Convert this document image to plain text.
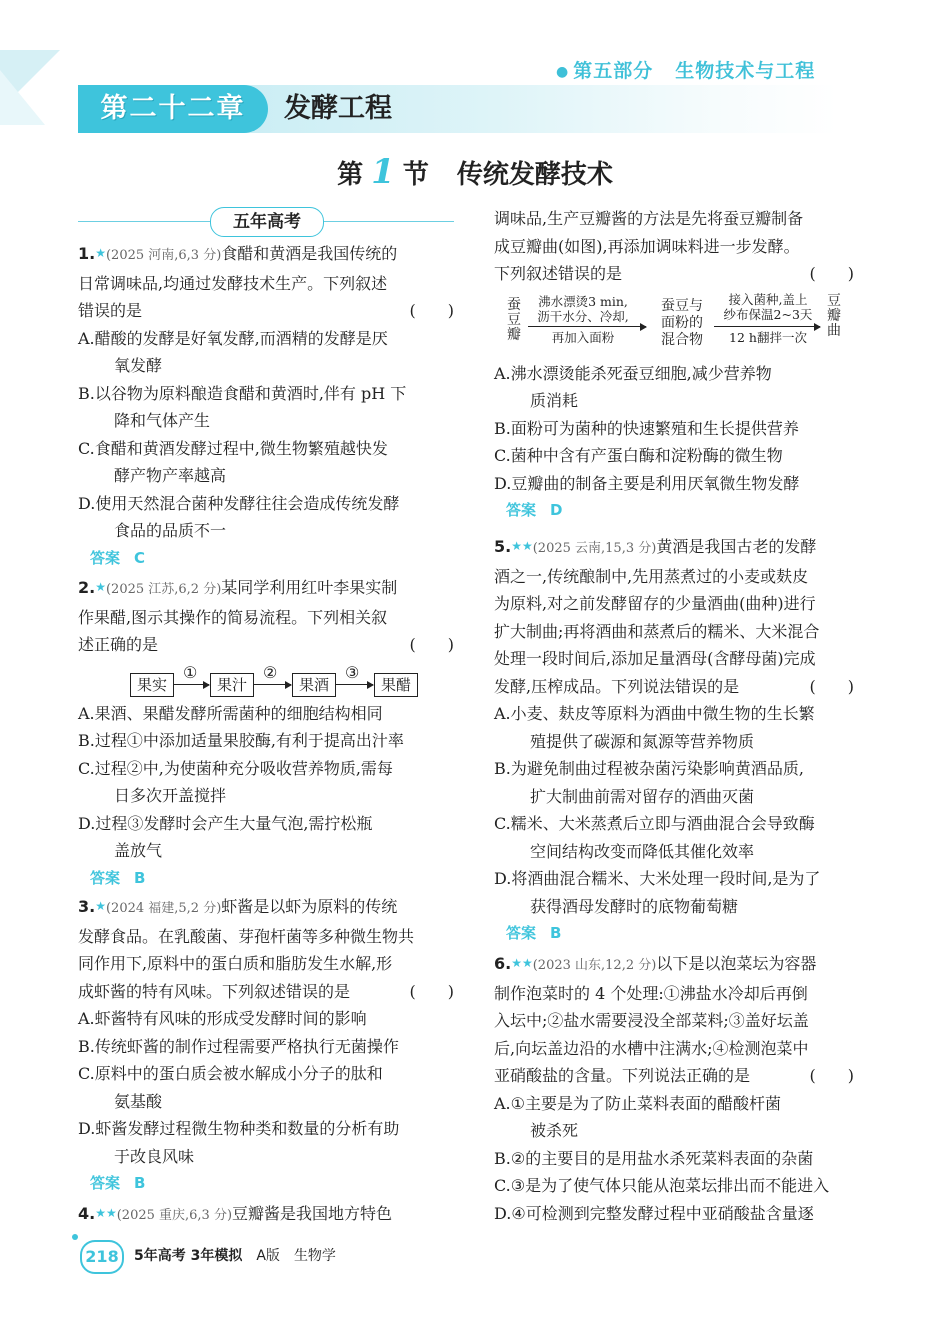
● 第五部分 生物技术与工程
第二十二章	发酵工程
第 1 节 传统发酵技术
五年高考
1.★(2025 河南,6,3 分)食醋和黄酒是我国传统的
日常调味品,均通过发酵技术生产。下列叙述
错误的是	(　　)
A.醋酸的发酵是好氧发酵,而酒精的发酵是厌
氧发酵
B.以谷物为原料酿造食醋和黄酒时,伴有 pH 下
降和气体产生
C.食醋和黄酒发酵过程中,微生物繁殖越快发
酵产物产率越高
D.使用天然混合菌种发酵往往会造成传统发酵
食品的品质不一
答案 C
2.★(2025 江苏,6,2 分)某同学利用红叶李果实制
作果醋,图示其操作的简易流程。下列相关叙
述正确的是	(　　)
果实
①
果汁
②
果酒
③
果醋
A.果酒、果醋发酵所需菌种的细胞结构相同
B.过程①中添加适量果胶酶,有利于提高出汁率
C.过程②中,为使菌种充分吸收营养物质,需每
日多次开盖搅拌
D.过程③发酵时会产生大量气泡,需拧松瓶
盖放气
答案 B
3.★(2024 福建,5,2 分)虾酱是以虾为原料的传统
发酵食品。在乳酸菌、芽孢杆菌等多种微生物共
同作用下,原料中的蛋白质和脂肪发生水解,形
成虾酱的特有风味。下列叙述错误的是	(　　)
A.虾酱特有风味的形成受发酵时间的影响
B.传统虾酱的制作过程需要严格执行无菌操作
C.原料中的蛋白质会被水解成小分子的肽和
氨基酸
D.虾酱发酵过程微生物种类和数量的分析有助
于改良风味
答案 B
4.★★(2025 重庆,6,3 分)豆瓣酱是我国地方特色
调味品,生产豆瓣酱的方法是先将蚕豆瓣制备
成豆瓣曲(如图),再添加调味料进一步发酵。
下列叙述错误的是	(　　)
蚕豆瓣
沸水漂烫3 min,
沥干水分、冷却,
再加入面粉
蚕豆与
面粉的
混合物
接入菌种,盖上
纱布保温2~3天
12 h翻拌一次
豆瓣曲
A.沸水漂烫能杀死蚕豆细胞,减少营养物
质消耗
B.面粉可为菌种的快速繁殖和生长提供营养
C.菌种中含有产蛋白酶和淀粉酶的微生物
D.豆瓣曲的制备主要是利用厌氧微生物发酵
答案 D
5.★★(2025 云南,15,3 分)黄酒是我国古老的发酵
酒之一,传统酿制中,先用蒸煮过的小麦或麸皮
为原料,对之前发酵留存的少量酒曲(曲种)进行
扩大制曲;再将酒曲和蒸煮后的糯米、大米混合
处理一段时间后,添加足量酒母(含酵母菌)完成
发酵,压榨成品。下列说法错误的是	(　　)
A.小麦、麸皮等原料为酒曲中微生物的生长繁
殖提供了碳源和氮源等营养物质
B.为避免制曲过程被杂菌污染影响黄酒品质,
扩大制曲前需对留存的酒曲灭菌
C.糯米、大米蒸煮后立即与酒曲混合会导致酶
空间结构改变而降低其催化效率
D.将酒曲混合糯米、大米处理一段时间,是为了
获得酒母发酵时的底物葡萄糖
答案 B
6.★★(2023 山东,12,2 分)以下是以泡菜坛为容器
制作泡菜时的 4 个处理:①沸盐水冷却后再倒
入坛中;②盐水需要浸没全部菜料;③盖好坛盖
后,向坛盖边沿的水槽中注满水;④检测泡菜中
亚硝酸盐的含量。下列说法正确的是	(　　)
A.①主要是为了防止菜料表面的醋酸杆菌
被杀死
B.②的主要目的是用盐水杀死菜料表面的杂菌
C.③是为了使气体只能从泡菜坛排出而不能进入
D.④可检测到完整发酵过程中亚硝酸盐含量逐
218	5年高考 3年模拟 A版 生物学
